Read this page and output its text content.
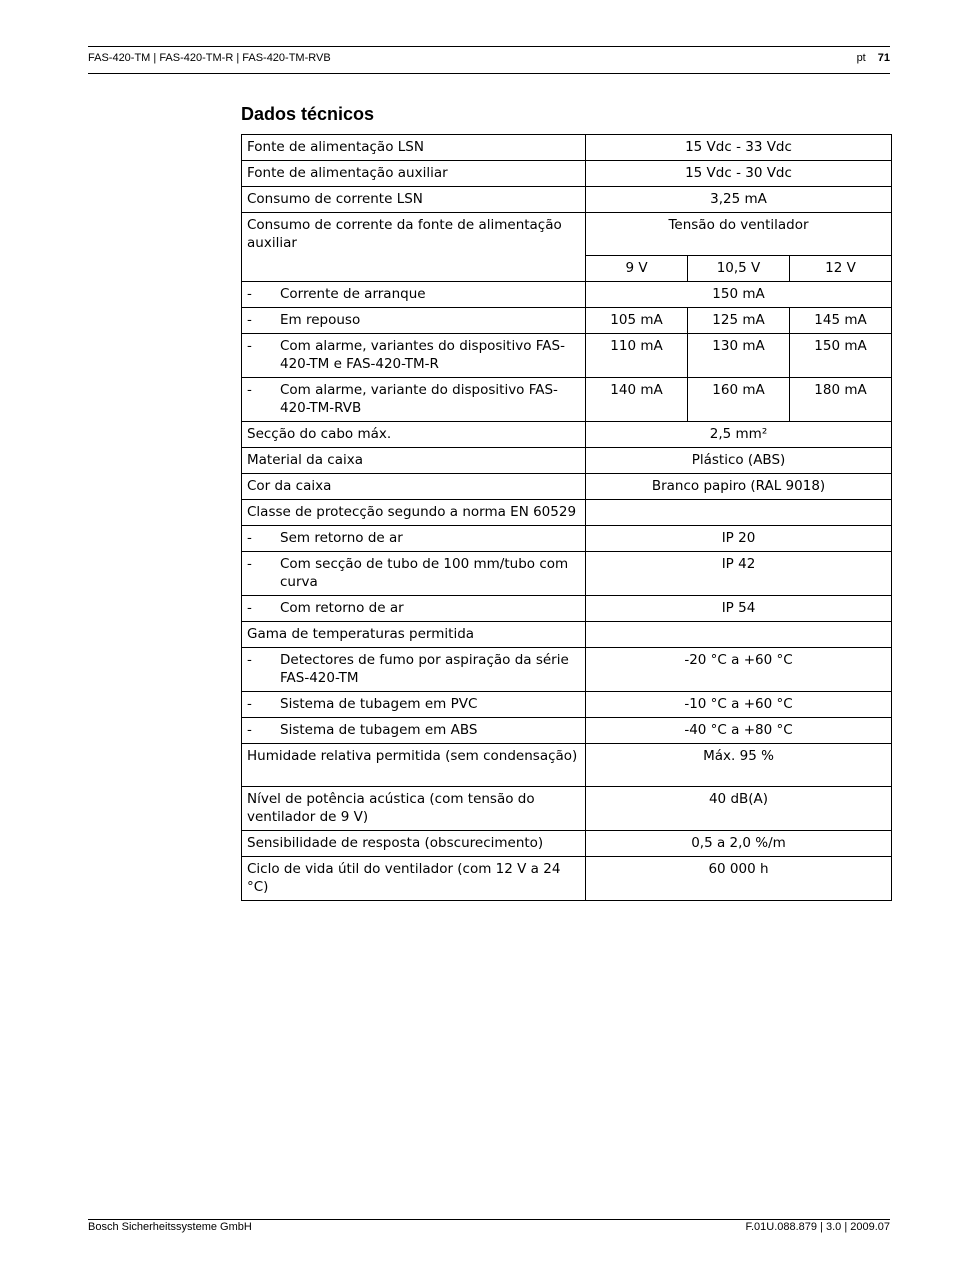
FAS-420-TM | FAS-420-TM-R | FAS-420-TM-RVB	pt 71
Dados técnicos
Fonte de alimentação LSN	15 Vdc - 33 Vdc		
Fonte de alimentação auxiliar	15 Vdc - 30 Vdc		
Consumo de corrente LSN	3,25 mA		
Consumo de corrente da fonte de alimentação auxiliar	Tensão do ventilador		
	9 V	10,5 V	12 V
- Corrente de arranque	150 mA		
- Em repouso	105 mA	125 mA	145 mA
- Com alarme, variantes do dispositivo FAS-420-TM e FAS-420-TM-R	110 mA	130 mA	150 mA
- Com alarme, variante do dispositivo FAS-420-TM-RVB	140 mA	160 mA	180 mA
Secção do cabo máx.	2,5 mm²		
Material da caixa	Plástico (ABS)		
Cor da caixa	Branco papiro (RAL 9018)		
Classe de protecção segundo a norma EN 60529			
- Sem retorno de ar	IP 20		
- Com secção de tubo de 100 mm/tubo com curva	IP 42		
- Com retorno de ar	IP 54		
Gama de temperaturas permitida			
- Detectores de fumo por aspiração da série FAS-420-TM	-20 °C a +60 °C		
- Sistema de tubagem em PVC	-10 °C a +60 °C		
- Sistema de tubagem em ABS	-40 °C a +80 °C		
Humidade relativa permitida (sem condensação)	Máx. 95 %		
Nível de potência acústica (com tensão do ventilador de 9 V)	40 dB(A)		
Sensibilidade de resposta (obscurecimento)	0,5 a 2,0 %/m		
Ciclo de vida útil do ventilador (com 12 V a 24 °C)	60 000 h		
Bosch Sicherheitssysteme GmbH	F.01U.088.879 | 3.0 | 2009.07
